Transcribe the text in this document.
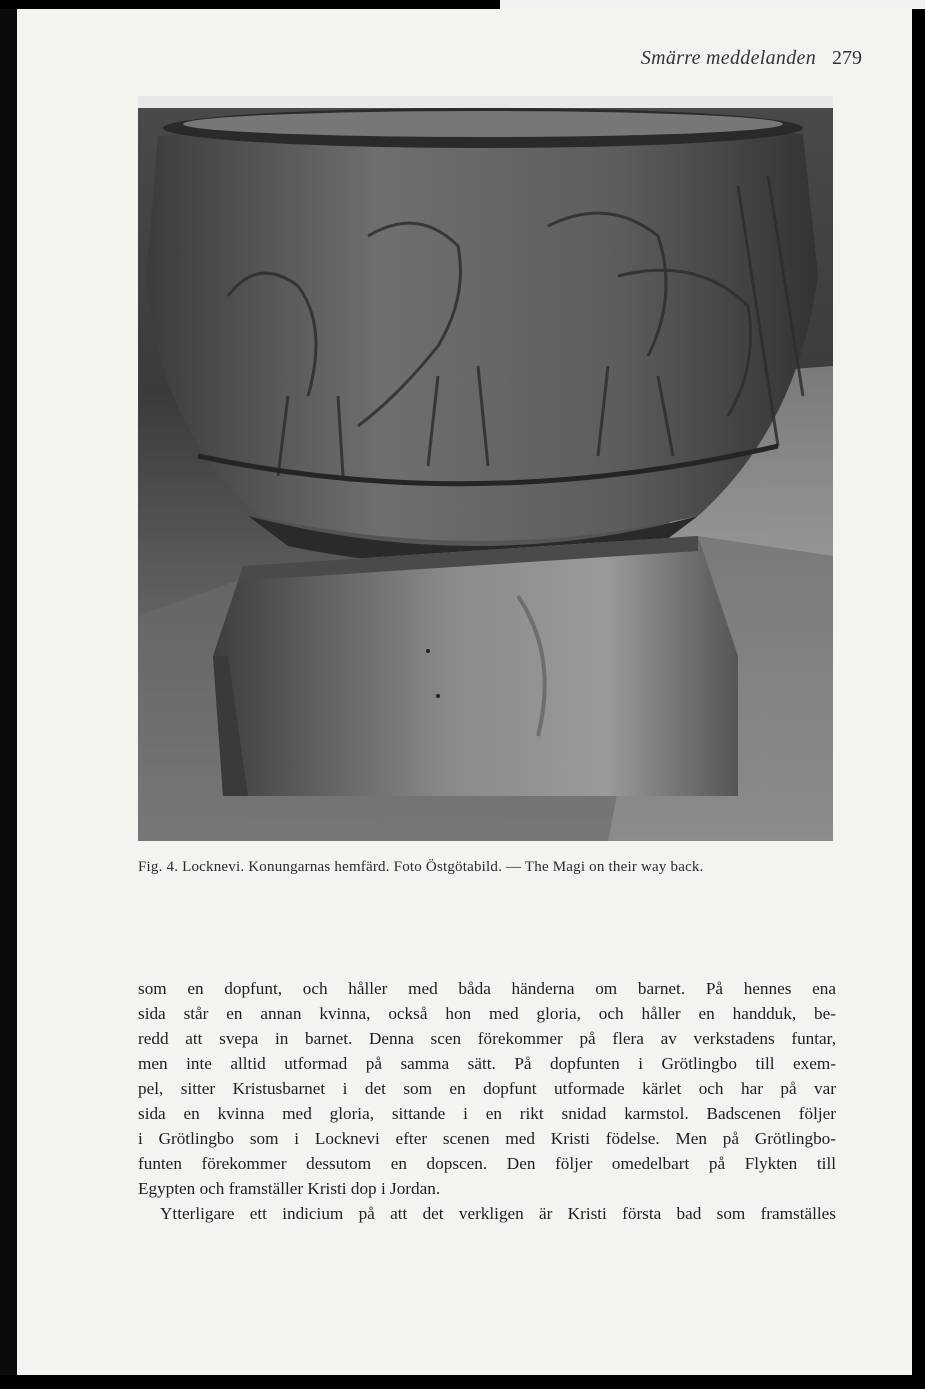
Smärre meddelanden 279
Fig. 4. Locknevi. Konungarnas hemfärd. Foto Östgötabild. — The Magi on their way back.
som en dopfunt, och håller med båda händerna om barnet. På hennes ena
sida står en annan kvinna, också hon med gloria, och håller en handduk, be-
redd att svepa in barnet. Denna scen förekommer på flera av verkstadens funtar,
men inte alltid utformad på samma sätt. På dopfunten i Grötlingbo till exem-
pel, sitter Kristusbarnet i det som en dopfunt utformade kärlet och har på var
sida en kvinna med gloria, sittande i en rikt snidad karmstol. Badscenen följer
i Grötlingbo som i Locknevi efter scenen med Kristi födelse. Men på Grötlingbo-
funten förekommer dessutom en dopscen. Den följer omedelbart på Flykten till
Egypten och framställer Kristi dop i Jordan.
Ytterligare ett indicium på att det verkligen är Kristi första bad som framställes
